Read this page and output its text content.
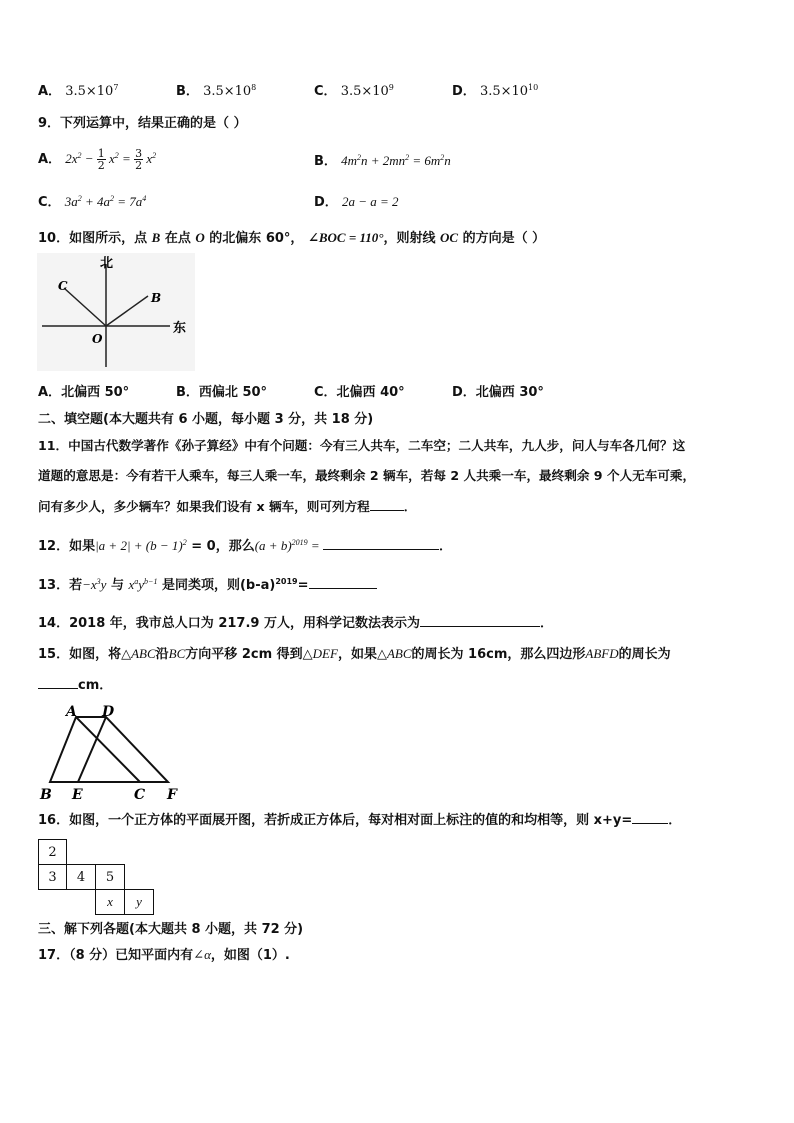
A． $3.5\times 10^7$	B． $3.5\times 10^8$	C． $3.5\times 10^9$	D． $3.5\times 10^{10}$
9．下列运算中，结果正确的是（ ）
A． $2x^2 - \frac{1}{2} x^2 = \frac{3}{2} x^2$	B． $4m^2n + 2mn^2 = 6m^2n$
C． $3a^2 + 4a^2 = 7a^4$	D． 2a − a = 2
10．如图所示，点 B 在点 O 的北偏东 60°， ∠BOC = 110°，则射线 OC 的方向是（ ）
北
东
O
B
C
A．北偏西 50°	B．西偏北 50°	C．北偏西 40°	D．北偏西 30°
二、填空题(本大题共有 6 小题，每小题 3 分，共 18 分)
11．中国古代数学著作《孙子算经》中有个问题：今有三人共车，二车空；二人共车，九人步，问人与车各几何？这
道题的意思是：今有若干人乘车，每三人乘一车，最终剩余 2 辆车，若每 2 人共乘一车，最终剩余 9 个人无车可乘，
问有多少人，多少辆车？如果我们设有 x 辆车，则可列方程	．
12．如果$|a + 2| + (b - 1)^2 = 0$，那么$(a + b)^{2019}$ =	．
13．若$-x^3y$ 与 $x^ay^{b-1}$ 是同类项，则$(b-a)^{2019}=$
14．2018 年，我市总人口为 217.9 万人，用科学记数法表示为	．
15．如图，将△ABC沿BC方向平移 2cm 得到△DEF，如果△ABC的周长为 16cm，那么四边形ABFD的周长为
cm．
A D
B E	C F
16．如图，一个正方体的平面展开图，若折成正方体后，每对相对面上标注的值的和均相等，则 x+y=	．
2
3	4	5
x	y
三、解下列各题(本大题共 8 小题，共 72 分)
17．（8 分）已知平面内有∠α，如图（1）.
